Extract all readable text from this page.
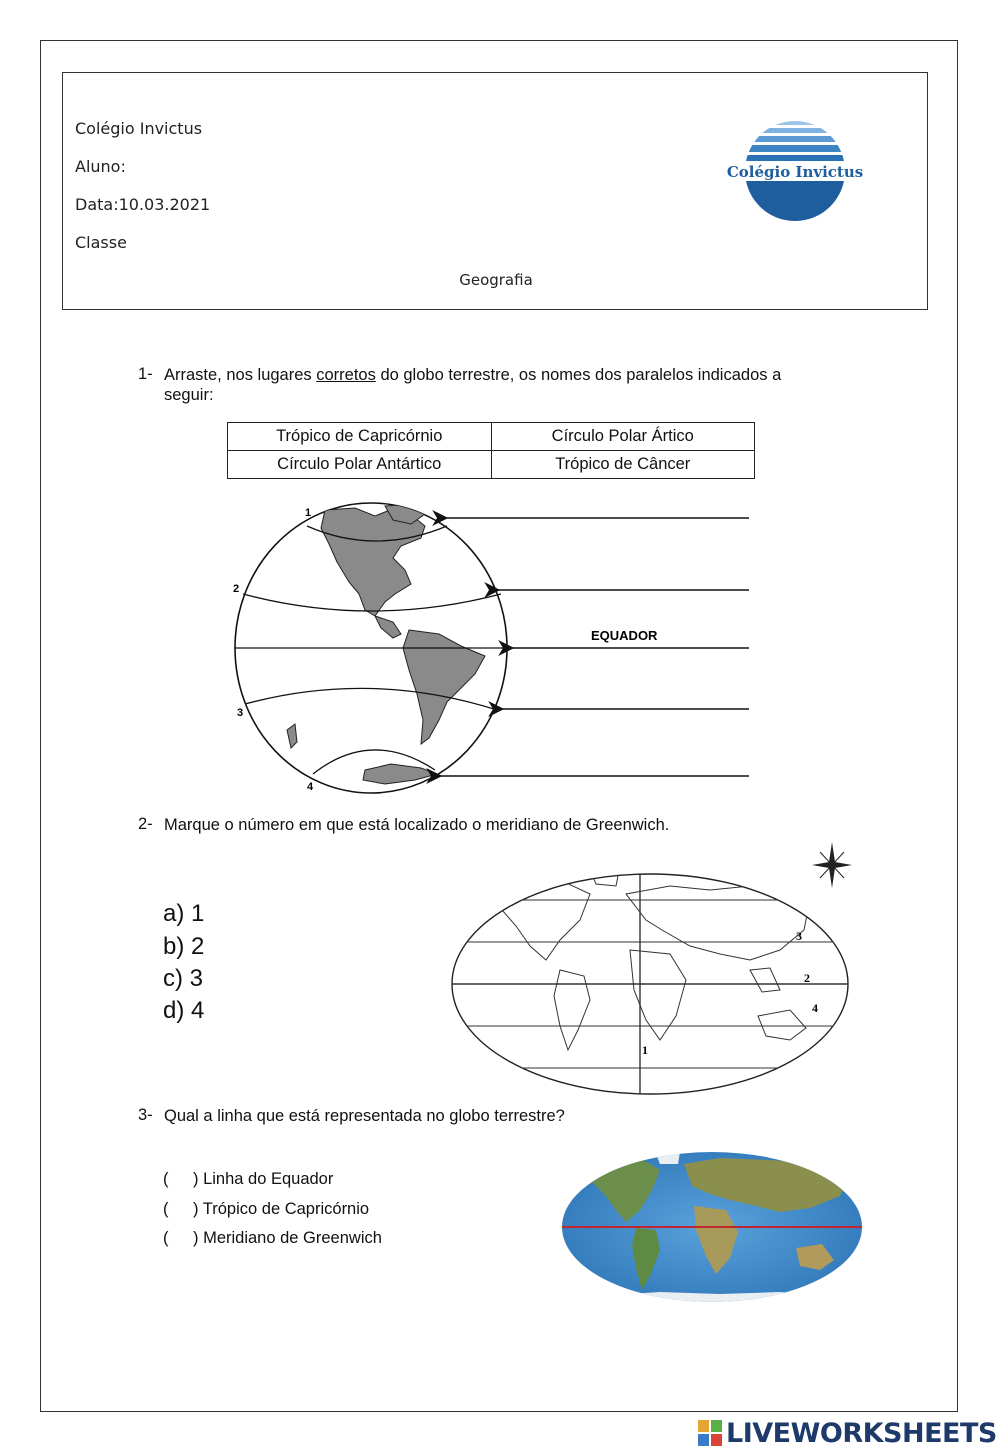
Geografia
Colégio Invictus
Colégio Invictus
Aluno:
Data:10.03.2021
Classe
1- Arraste, nos lugares corretos do globo terrestre, os nomes dos paralelos indicados a seguir:
Trópico de Capricórnio	Círculo Polar Ártico
Círculo Polar Antártico	Trópico de Câncer
1
2
3
4
EQUADOR
2- Marque o número em que está localizado o meridiano de Greenwich.
a) 1
b) 2
c) 3
d) 4
1
2
3
4
3- Qual a linha que está representada no globo terrestre?
( ) Linha do Equador
( ) Trópico de Capricórnio
( ) Meridiano de Greenwich
LIVEWORKSHEETS
